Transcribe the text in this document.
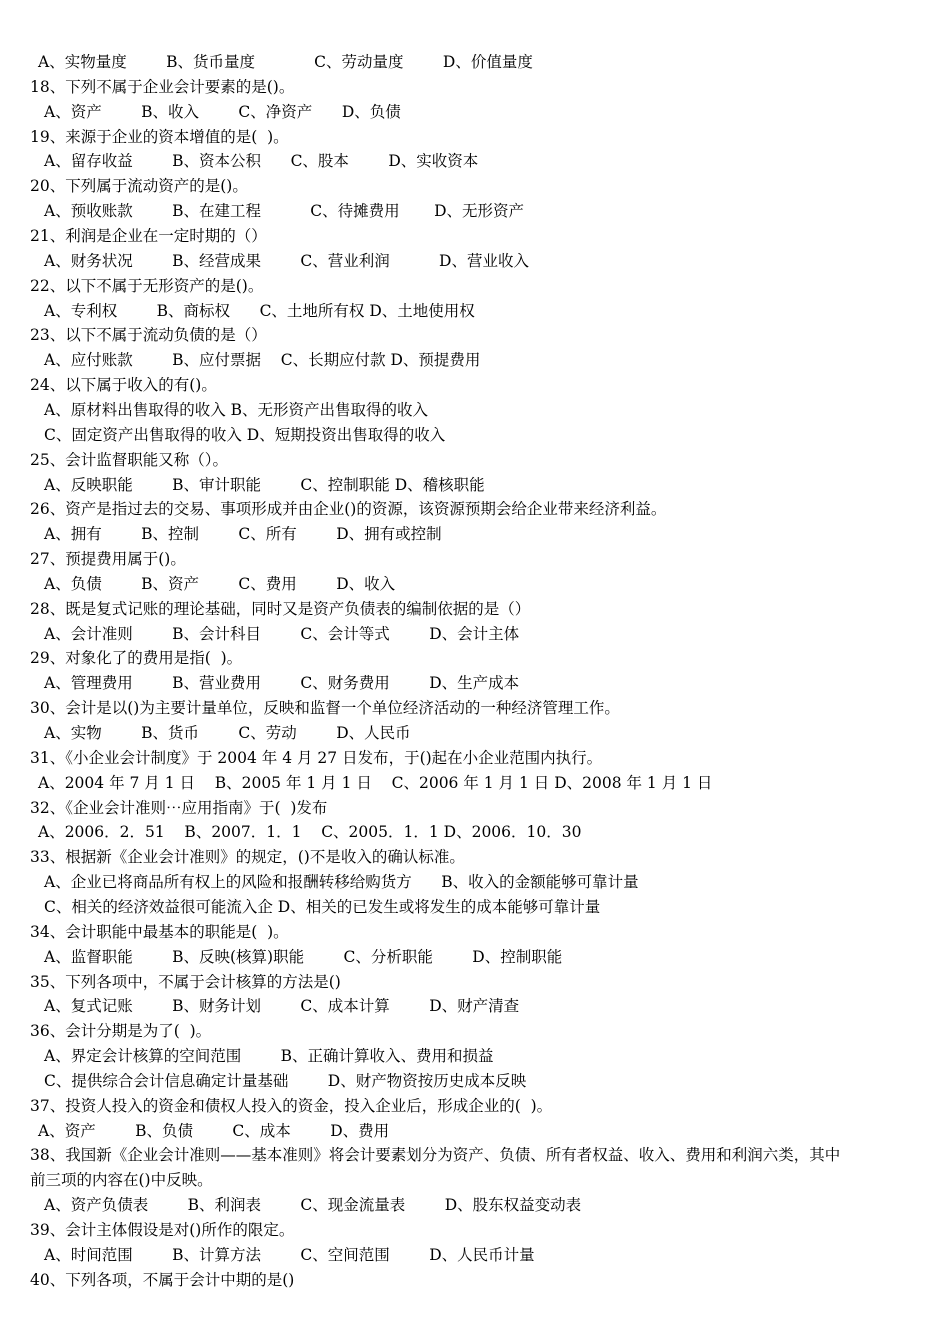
A、实物量度        B、货币量度            C、劳动量度        D、价值量度
18、下列不属于企业会计要素的是()。
A、资产        B、收入        C、净资产      D、负债
19、来源于企业的资本增值的是(  )。
A、留存收益        B、资本公积      C、股本        D、实收资本
20、下列属于流动资产的是()。
A、预收账款        B、在建工程          C、待摊费用       D、无形资产
21、利润是企业在一定时期的（）
A、财务状况        B、经营成果        C、营业利润          D、营业收入
22、以下不属于无形资产的是()。
A、专利权        B、商标权      C、土地所有权 D、土地使用权
23、以下不属于流动负债的是（）
A、应付账款        B、应付票据    C、长期应付款 D、预提费用
24、以下属于收入的有()。
A、原材料出售取得的收入 B、无形资产出售取得的收入
C、固定资产出售取得的收入 D、短期投资出售取得的收入
25、会计监督职能又称（）。
A、反映职能        B、审计职能        C、控制职能 D、稽核职能
26、资产是指过去的交易、事项形成并由企业()的资源，该资源预期会给企业带来经济利益。
A、拥有        B、控制        C、所有        D、拥有或控制
27、预提费用属于()。
A、负债        B、资产        C、费用        D、收入
28、既是复式记账的理论基础，同时又是资产负债表的编制依据的是（）
A、会计准则        B、会计科目        C、会计等式        D、会计主体
29、对象化了的费用是指(  )。
A、管理费用        B、营业费用        C、财务费用        D、生产成本
30、会计是以()为主要计量单位，反映和监督一个单位经济活动的一种经济管理工作。
A、实物        B、货币        C、劳动        D、人民币
31、《小企业会计制度》于 2004 年 4 月 27 日发布，于()起在小企业范围内执行。
A、2004 年 7 月 1 日    B、2005 年 1 月 1 日    C、2006 年 1 月 1 日 D、2008 年 1 月 1 日
32、《企业会计准则⋯应用指南》于(  )发布
A、2006．2．51    B、2007．1．1    C、2005．1．1 D、2006．10．30
33、根据新《企业会计准则》的规定，()不是收入的确认标准。
A、企业已将商品所有权上的风险和报酬转移给购货方      B、收入的金额能够可靠计量
C、相关的经济效益很可能流入企 D、相关的已发生或将发生的成本能够可靠计量
34、会计职能中最基本的职能是(  )。
A、监督职能        B、反映(核算)职能        C、分析职能        D、控制职能
35、下列各项中，不属于会计核算的方法是()
A、复式记账        B、财务计划        C、成本计算        D、财产清查
36、会计分期是为了(  )。
A、界定会计核算的空间范围        B、正确计算收入、费用和损益
C、提供综合会计信息确定计量基础        D、财产物资按历史成本反映
37、投资人投入的资金和债权人投入的资金，投入企业后，形成企业的(  )。
A、资产        B、负债        C、成本        D、费用
38、我国新《企业会计准则——基本准则》将会计要素划分为资产、负债、所有者权益、收入、费用和利润六类，其中
前三项的内容在()中反映。
A、资产负债表        B、利润表        C、现金流量表        D、股东权益变动表
39、会计主体假设是对()所作的限定。
A、时间范围        B、计算方法        C、空间范围        D、人民币计量
40、下列各项，不属于会计中期的是()
